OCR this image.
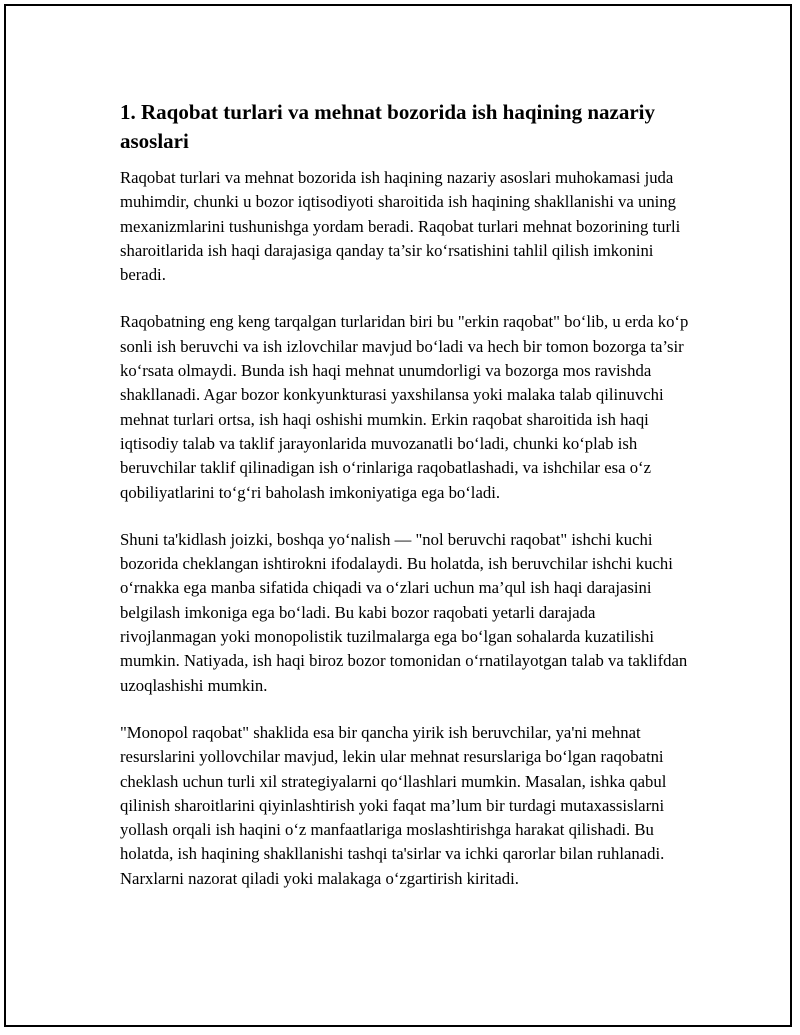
1. Raqobat turlari va mehnat bozorida ish haqining nazariy asoslari

Raqobat turlari va mehnat bozorida ish haqining nazariy asoslari muhokamasi juda muhimdir, chunki u bozor iqtisodiyoti sharoitida ish haqining shakllanishi va uning mexanizmlarini tushunishga yordam beradi. Raqobat turlari mehnat bozorining turli sharoitlarida ish haqi darajasiga qanday ta’sir ko‘rsatishini tahlil qilish imkonini beradi.

Raqobatning eng keng tarqalgan turlaridan biri bu "erkin raqobat" bo‘lib, u erda ko‘p sonli ish beruvchi va ish izlovchilar mavjud bo‘ladi va hech bir tomon bozorga ta’sir ko‘rsata olmaydi. Bunda ish haqi mehnat unumdorligi va bozorga mos ravishda shakllanadi. Agar bozor konkyunkturasi yaxshilansa yoki malaka talab qilinuvchi mehnat turlari ortsa, ish haqi oshishi mumkin. Erkin raqobat sharoitida ish haqi iqtisodiy talab va taklif jarayonlarida muvozanatli bo‘ladi, chunki ko‘plab ish beruvchilar taklif qilinadigan ish o‘rinlariga raqobatlashadi, va ishchilar esa o‘z qobiliyatlarini to‘g‘ri baholash imkoniyatiga ega bo‘ladi.

Shuni ta'kidlash joizki, boshqa yo‘nalish — "nol beruvchi raqobat" ishchi kuchi bozorida cheklangan ishtirokni ifodalaydi. Bu holatda, ish beruvchilar ishchi kuchi o‘rnakka ega manba sifatida chiqadi va o‘zlari uchun ma’qul ish haqi darajasini belgilash imkoniga ega bo‘ladi. Bu kabi bozor raqobati yetarli darajada rivojlanmagan yoki monopolistik tuzilmalarga ega bo‘lgan sohalarda kuzatilishi mumkin. Natiyada, ish haqi biroz bozor tomonidan o‘rnatilayotgan talab va taklifdan uzoqlashishi mumkin.

"Monopol raqobat" shaklida esa bir qancha yirik ish beruvchilar, ya'ni mehnat resurslarini yollovchilar mavjud, lekin ular mehnat resurslariga bo‘lgan raqobatni cheklash uchun turli xil strategiyalarni qo‘llashlari mumkin. Masalan, ishka qabul qilinish sharoitlarini qiyinlashtirish yoki faqat ma’lum bir turdagi mutaxassislarni yollash orqali ish haqini o‘z manfaatlariga moslashtirishga harakat qilishadi. Bu holatda, ish haqining shakllanishi tashqi ta'sirlar va ichki qarorlar bilan ruhlanadi. Narxlarni nazorat qiladi yoki malakaga o‘zgartirish kiritadi.
